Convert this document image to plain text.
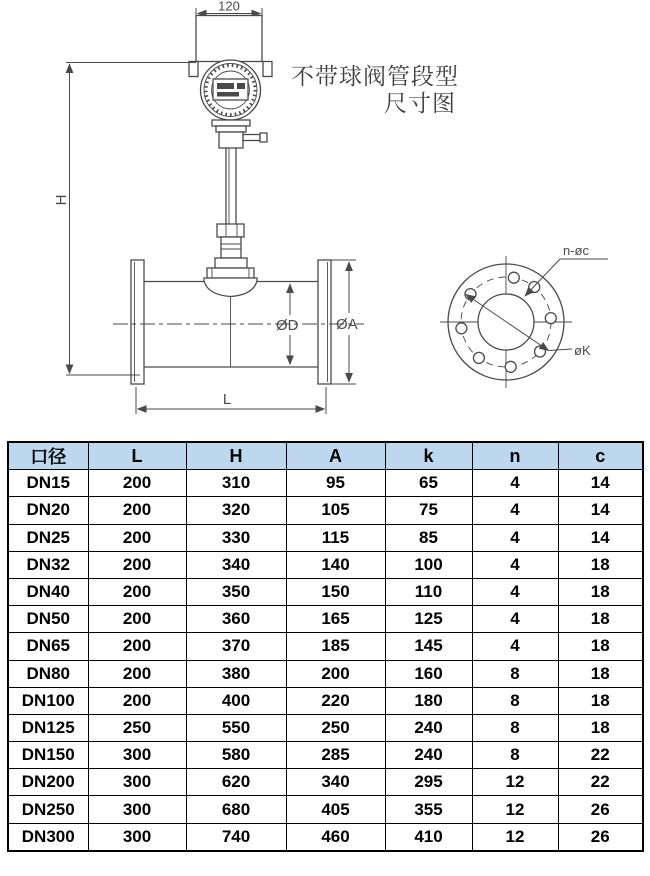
120
H
ØD	ØA
L
n-øc
øK
不带球阀管段型
尺寸图
口径	L	H	A	k	n	c
DN15	200	310	95	65	4	14
DN20	200	320	105	75	4	14
DN25	200	330	115	85	4	14
DN32	200	340	140	100	4	18
DN40	200	350	150	110	4	18
DN50	200	360	165	125	4	18
DN65	200	370	185	145	4	18
DN80	200	380	200	160	8	18
DN100	200	400	220	180	8	18
DN125	250	550	250	240	8	18
DN150	300	580	285	240	8	22
DN200	300	620	340	295	12	22
DN250	300	680	405	355	12	26
DN300	300	740	460	410	12	26
